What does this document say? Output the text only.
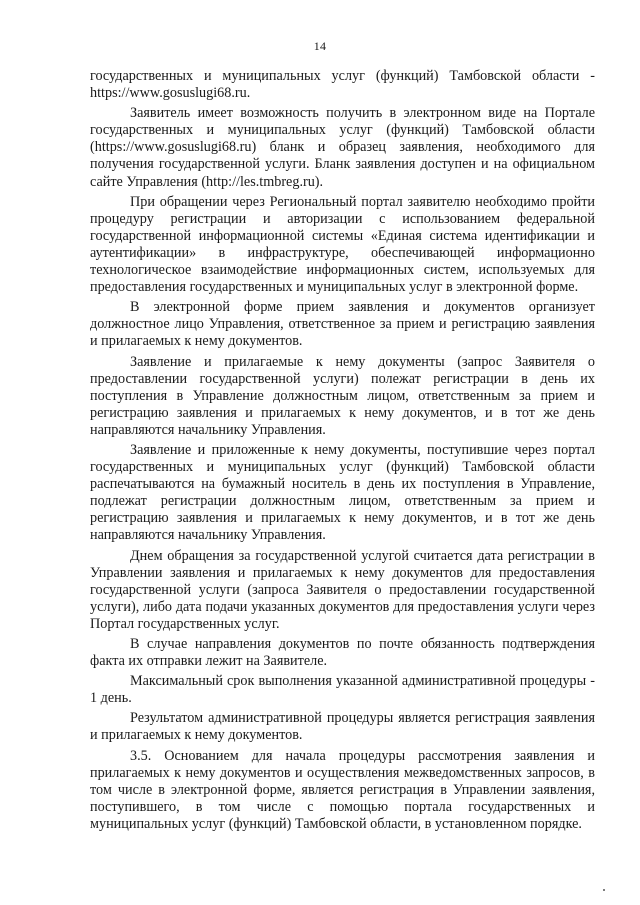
14

государственных и муниципальных услуг (функций) Тамбовской области - https://www.gosuslugi68.ru.

Заявитель имеет возможность получить в электронном виде на Портале государственных и муниципальных услуг (функций) Тамбовской области (https://www.gosuslugi68.ru) бланк и образец заявления, необходимого для получения государственной услуги. Бланк заявления доступен и на официальном сайте Управления (http://les.tmbreg.ru).

При обращении через Региональный портал заявителю необходимо пройти процедуру регистрации и авторизации с использованием федеральной государственной информационной системы «Единая система идентификации и аутентификации» в инфраструктуре, обеспечивающей информационно технологическое взаимодействие информационных систем, используемых для предоставления государственных и муниципальных услуг в электронной форме.

В электронной форме прием заявления и документов организует должностное лицо Управления, ответственное за прием и регистрацию заявления и прилагаемых к нему документов.

Заявление и прилагаемые к нему документы (запрос Заявителя о предоставлении государственной услуги) полежат регистрации в день их поступления в Управление должностным лицом, ответственным за прием и регистрацию заявления и прилагаемых к нему документов, и в тот же день направляются начальнику Управления.

Заявление и приложенные к нему документы, поступившие через портал государственных и муниципальных услуг (функций) Тамбовской области распечатываются на бумажный носитель в день их поступления в Управление, подлежат регистрации должностным лицом, ответственным за прием и регистрацию заявления и прилагаемых к нему документов, и в тот же день направляются начальнику Управления.

Днем обращения за государственной услугой считается дата регистрации в Управлении заявления и прилагаемых к нему документов для предоставления государственной услуги (запроса Заявителя о предоставлении государственной услуги), либо дата подачи указанных документов для предоставления услуги через Портал государственных услуг.

В случае направления документов по почте обязанность подтверждения факта их отправки лежит на Заявителе.

Максимальный срок выполнения указанной административной процедуры - 1 день.

Результатом административной процедуры является регистрация заявления и прилагаемых к нему документов.

3.5. Основанием для начала процедуры рассмотрения заявления и прилагаемых к нему документов и осуществления межведомственных запросов, в том числе в электронной форме, является регистрация в Управлении заявления, поступившего, в том числе с помощью портала государственных и муниципальных услуг (функций) Тамбовской области, в установленном порядке.
